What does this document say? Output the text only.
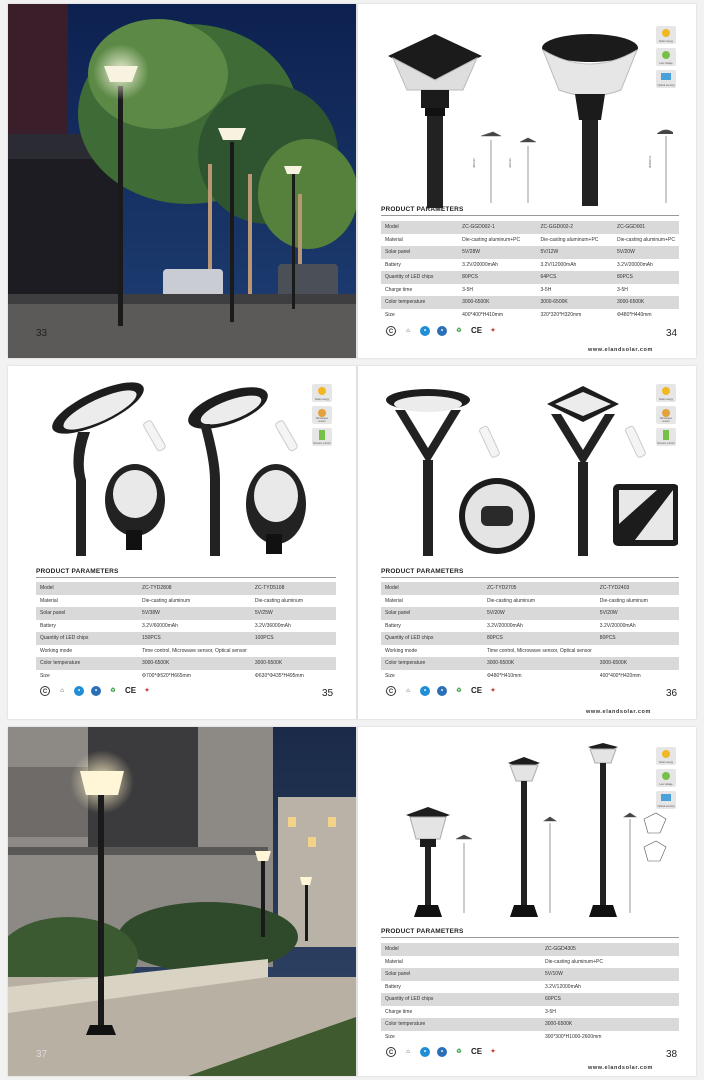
33
400mm	320mm	Φ480mm
Solar energy
Low voltage
Optical sensing
PRODUCT PARAMETERS
Model	ZC-GGD002-1	ZC-GGD002-2	ZC-GGD001
Material	Die-casting aluminum+PC	Die-casting aluminum+PC	Die-casting aluminum+PC
Solar panel	5V/28W	5V/12W	5V/20W
Battery	3.2V/20000mAh	3.2V/12000mAh	3.2V/20000mAh
Quantity of LED chips	80PCS	64PCS	80PCS
Charge time	3-5H	3-5H	3-5H
Color temperature	3000-6500K	3000-6500K	3000-6500K
Size	400*400*H410mm	320*320*H320mm	Φ480*H440mm
C	⌂	•	•	♻ CE	✦	34
www.elandsolar.com
Solar energy
Microwave sensor
Remote control
Solar energy
Microwave sensor
Remote control
PRODUCT PARAMETERS
Model	ZC-TYD2808	ZC-TYD5108
Material	Die-casting aluminum	Die-casting aluminum
Solar panel	5V/38W	5V/25W
Battery	3.2V/60000mAh	3.2V/36000mAh
Quantity of LED chips	150PCS	100PCS
Working mode	Time control, Microwave sensor, Optical sensor	
Color temperature	3000-6500K	3000-6500K
Size	Φ700*Φ520*H665mm	Φ630*Φ435*H495mm
PRODUCT PARAMETERS
Model	ZC-TYD2705	ZC-TYD2403
Material	Die-casting aluminum	Die-casting aluminum
Solar panel	5V/20W	5V/20W
Battery	3.2V/20000mAh	3.2V/20000mAh
Quantity of LED chips	80PCS	80PCS
Working mode	Time control, Microwave sensor, Optical sensor	
Color temperature	3000-6500K	3000-6500K
Size	Φ480*H410mm	400*400*H420mm
C	⌂	•	•	♻ CE	✦	35	C	⌂	•	•	♻ CE	✦	36
www.elandsolar.com
37
Solar energy
Low voltage
Optical sensing
PRODUCT PARAMETERS
Model	ZC-GGD4305
Material	Die-casting aluminum+PC
Solar panel	5V/10W
Battery	3.2V/12000mAh
Quantity of LED chips	60PCS
Charge time	3-5H
Color temperature	3000-6500K
Size	300*300*H1000-2600mm
C	⌂	•	•	♻ CE	✦	38
www.elandsolar.com
